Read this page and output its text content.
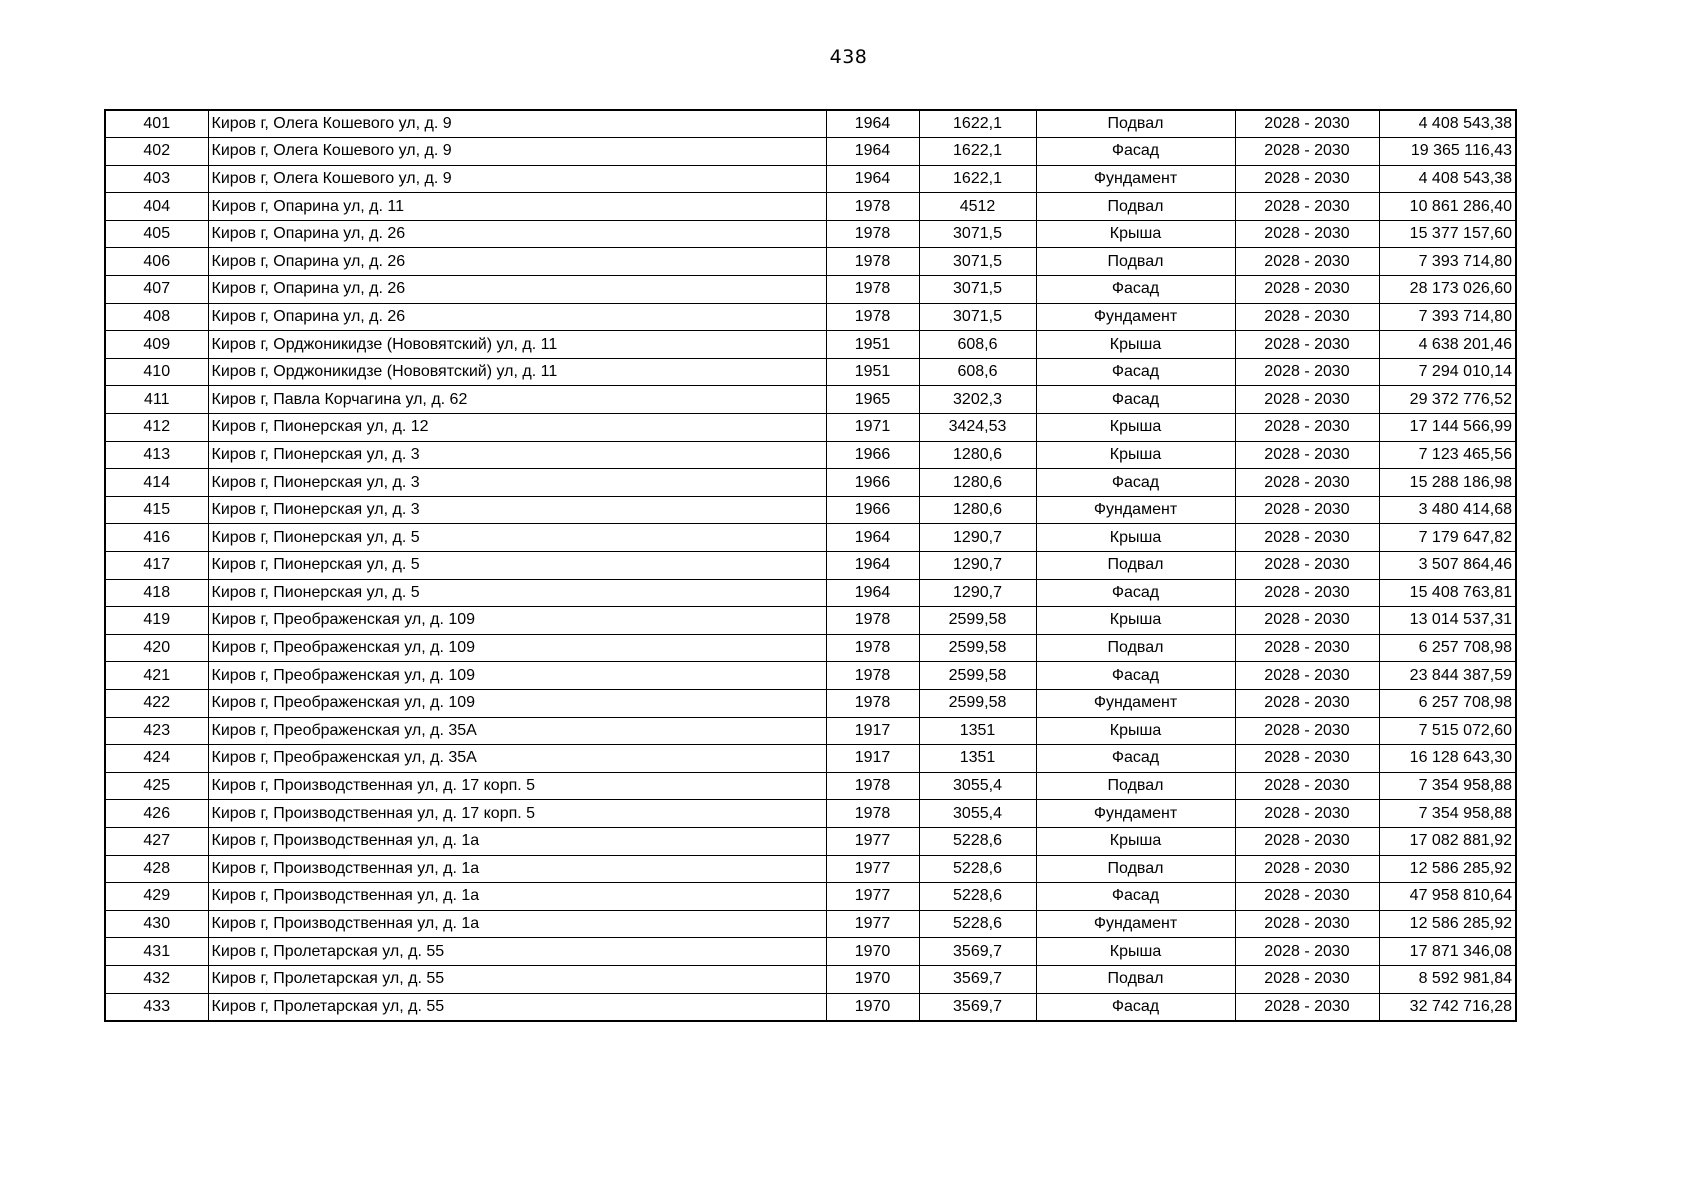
438
401	Киров г, Олега Кошевого ул, д. 9	1964	1622,1	Подвал	2028 - 2030	4 408 543,38
402	Киров г, Олега Кошевого ул, д. 9	1964	1622,1	Фасад	2028 - 2030	19 365 116,43
403	Киров г, Олега Кошевого ул, д. 9	1964	1622,1	Фундамент	2028 - 2030	4 408 543,38
404	Киров г, Опарина ул, д. 11	1978	4512	Подвал	2028 - 2030	10 861 286,40
405	Киров г, Опарина ул, д. 26	1978	3071,5	Крыша	2028 - 2030	15 377 157,60
406	Киров г, Опарина ул, д. 26	1978	3071,5	Подвал	2028 - 2030	7 393 714,80
407	Киров г, Опарина ул, д. 26	1978	3071,5	Фасад	2028 - 2030	28 173 026,60
408	Киров г, Опарина ул, д. 26	1978	3071,5	Фундамент	2028 - 2030	7 393 714,80
409	Киров г, Орджоникидзе (Нововятский) ул, д. 11	1951	608,6	Крыша	2028 - 2030	4 638 201,46
410	Киров г, Орджоникидзе (Нововятский) ул, д. 11	1951	608,6	Фасад	2028 - 2030	7 294 010,14
411	Киров г, Павла Корчагина ул, д. 62	1965	3202,3	Фасад	2028 - 2030	29 372 776,52
412	Киров г, Пионерская ул, д. 12	1971	3424,53	Крыша	2028 - 2030	17 144 566,99
413	Киров г, Пионерская ул, д. 3	1966	1280,6	Крыша	2028 - 2030	7 123 465,56
414	Киров г, Пионерская ул, д. 3	1966	1280,6	Фасад	2028 - 2030	15 288 186,98
415	Киров г, Пионерская ул, д. 3	1966	1280,6	Фундамент	2028 - 2030	3 480 414,68
416	Киров г, Пионерская ул, д. 5	1964	1290,7	Крыша	2028 - 2030	7 179 647,82
417	Киров г, Пионерская ул, д. 5	1964	1290,7	Подвал	2028 - 2030	3 507 864,46
418	Киров г, Пионерская ул, д. 5	1964	1290,7	Фасад	2028 - 2030	15 408 763,81
419	Киров г, Преображенская ул, д. 109	1978	2599,58	Крыша	2028 - 2030	13 014 537,31
420	Киров г, Преображенская ул, д. 109	1978	2599,58	Подвал	2028 - 2030	6 257 708,98
421	Киров г, Преображенская ул, д. 109	1978	2599,58	Фасад	2028 - 2030	23 844 387,59
422	Киров г, Преображенская ул, д. 109	1978	2599,58	Фундамент	2028 - 2030	6 257 708,98
423	Киров г, Преображенская ул, д. 35А	1917	1351	Крыша	2028 - 2030	7 515 072,60
424	Киров г, Преображенская ул, д. 35А	1917	1351	Фасад	2028 - 2030	16 128 643,30
425	Киров г, Производственная ул, д. 17 корп. 5	1978	3055,4	Подвал	2028 - 2030	7 354 958,88
426	Киров г, Производственная ул, д. 17 корп. 5	1978	3055,4	Фундамент	2028 - 2030	7 354 958,88
427	Киров г, Производственная ул, д. 1а	1977	5228,6	Крыша	2028 - 2030	17 082 881,92
428	Киров г, Производственная ул, д. 1а	1977	5228,6	Подвал	2028 - 2030	12 586 285,92
429	Киров г, Производственная ул, д. 1а	1977	5228,6	Фасад	2028 - 2030	47 958 810,64
430	Киров г, Производственная ул, д. 1а	1977	5228,6	Фундамент	2028 - 2030	12 586 285,92
431	Киров г, Пролетарская ул, д. 55	1970	3569,7	Крыша	2028 - 2030	17 871 346,08
432	Киров г, Пролетарская ул, д. 55	1970	3569,7	Подвал	2028 - 2030	8 592 981,84
433	Киров г, Пролетарская ул, д. 55	1970	3569,7	Фасад	2028 - 2030	32 742 716,28
